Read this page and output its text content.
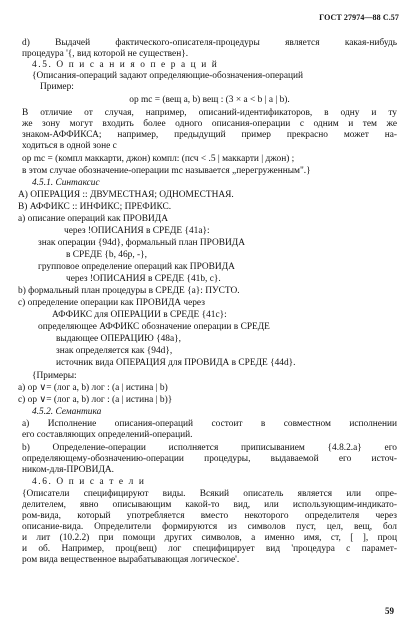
ГОСТ 27974—88 С.57
d) Выдачей фактического-описателя-процедуры является какая-нибудь
процедура '{, вид которой не существен}.
4.5. О п и с а н и я о п е р а ц и й
{Описания-операций задают определяющие-обозначения-операций
Пример:
op mc = (вещ a, b) вещ : (3 × a < b | a | b).
В отличие от случая, например, описаний-идентификаторов, в одну и ту
же зону могут входить более одного описания-операции с одним и тем же
знаком-АФФИКСА; например, предыдущий пример прекрасно может на-
ходиться в одной зоне с
op mc = (компл маккарти, джон) компл: (псч < .5 | маккарти | джон) ;
в этом случае обозначение-операции mc называется „перегруженным".}
4.5.1. Синтаксис
A) ОПЕРАЦИЯ :: ДВУМЕСТНАЯ; ОДНОМЕСТНАЯ.
B) АФФИКС :: ИНФИКС; ПРЕФИКС.
a) описание операций как ПРОВИДА
через !ОПИСАНИЯ в СРЕДЕ {41a}:
знак операции {94d}, формальный план ПРОВИДА
в СРЕДЕ {b, 46p, -},
групповое определение операций как ПРОВИДА
через !ОПИСАНИЯ в СРЕДЕ {41b, c}.
b) формальный план процедуры в СРЕДЕ {a}: ПУСТО.
c) определение операции как ПРОВИДА через
АФФИКС для ОПЕРАЦИИ в СРЕДЕ {41c}:
определяющее АФФИКС обозначение операции в СРЕДЕ
выдающее ОПЕРАЦИЮ {48a},
знак определяется как {94d},
источник вида ОПЕРАЦИЯ для ПРОВИДА в СРЕДЕ {44d}.
{Примеры:
a) op ∨= (лог a, b) лог : (a | истина | b)
c) op ∨= (лог a, b) лог : (a | истина | b)}
4.5.2. Семантика
a) Исполнение описания-операций состоит в совместном исполнении
его составляющих определений-операций.
b) Определение-операции исполняется приписыванием {4.8.2.a} его
определяющему-обозначению-операции процедуры, выдаваемой его источ-
ником-для-ПРОВИДА.
4.6. О п и с а т е л и
{Описатели специфицируют виды. Всякий описатель является или опре-
делителем, явно описывающим какой-то вид, или использующим-индикато-
ром-вида, который употребляется вместо некоторого определителя через
описание-вида. Определители формируются из символов пуст, цел, вещ, бол
и лит (10.2.2) при помощи других символов, а именно имя, ст, [ ], проц
и об. Например, проц(вещ) лог специфицирует вид 'процедура с парамет-
ром вида вещественное вырабатывающая логическое'.
59
